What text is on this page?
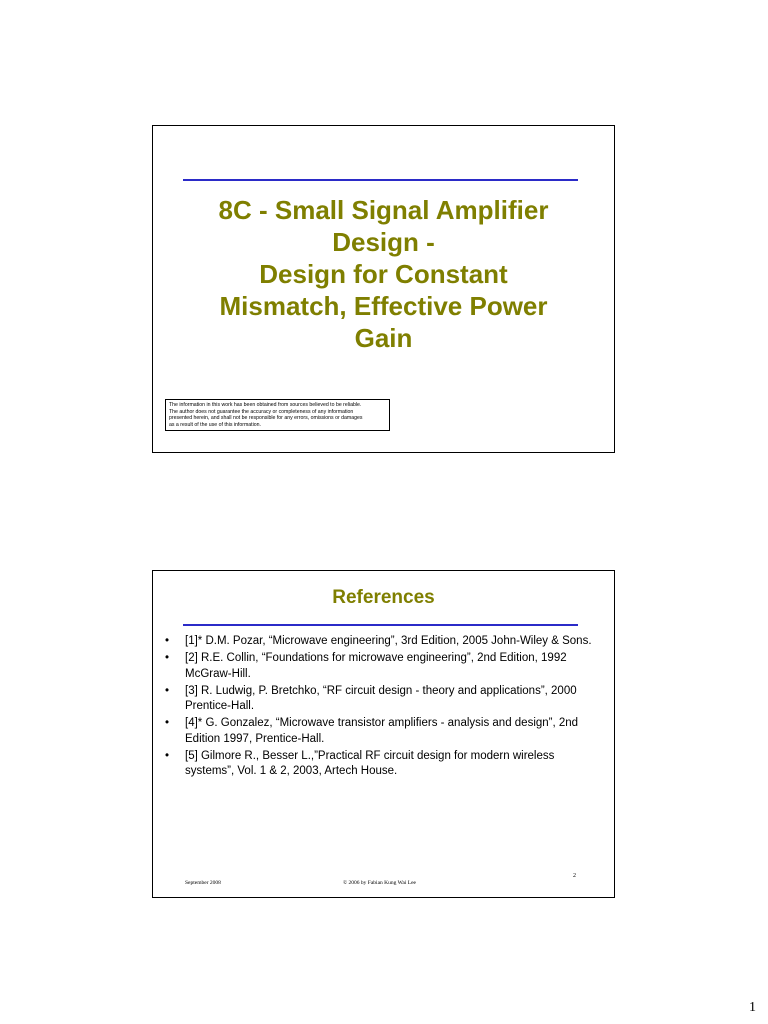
8C - Small Signal Amplifier
Design -
Design for Constant
Mismatch, Effective Power
Gain
The information in this work has been obtained from sources believed to be reliable.
The author does not guarantee the accuracy or completeness of any information
presented herein, and shall not be responsible for any errors, omissions or damages
as a result of the use of this information.
References
• [1]* D.M. Pozar, “Microwave engineering”, 3rd Edition, 2005 John-Wiley & Sons.
• [2] R.E. Collin, “Foundations for microwave engineering”, 2nd Edition, 1992 McGraw-Hill.
• [3] R. Ludwig, P. Bretchko, “RF circuit design - theory and applications”, 2000 Prentice-Hall.
• [4]* G. Gonzalez, “Microwave transistor amplifiers - analysis and design”, 2nd Edition 1997, Prentice-Hall.
• [5] Gilmore R., Besser L.,”Practical RF circuit design for modern wireless systems”, Vol. 1 & 2, 2003, Artech House.
2
September 2008	© 2006 by Fabian Kung Wai Lee
1
